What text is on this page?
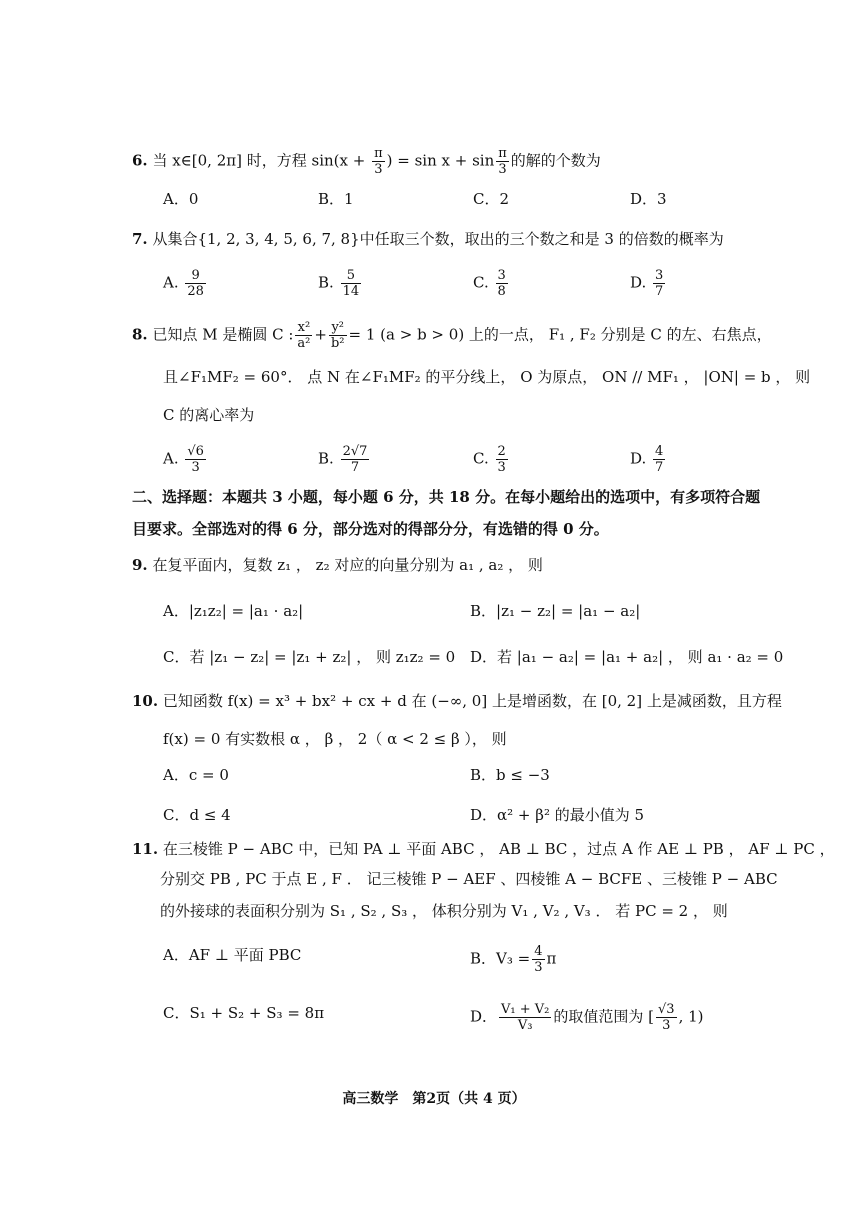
6. 当 x∈[0, 2π] 时，方程 $\sin(x + \frac{\pi}{3}$ ) = $\sin x + \sin \frac{\pi}{3}$ 的解的个数为
A．0	B．1	C．2	D．3
7. 从集合{1, 2, 3, 4, 5, 6, 7, 8}中任取三个数，取出的三个数之和是 3 的倍数的概率为
A. $\frac{9}{28}$	B. $\frac{5}{14}$	C. $\frac{3}{8}$	D. $\frac{3}{7}$
8. 已知点 M 是椭圆 C : $\frac{\text{x²}}{\text{a²}} + \frac{\text{y²}}{\text{b²}} = 1$ (a > b > 0) 上的一点， F₁ , F₂ 分别是 C 的左、右焦点，
且∠F₁MF₂ = 60°． 点 N 在∠F₁MF₂ 的平分线上， O 为原点， ON // MF₁ ， |ON| = b ， 则
C 的离心率为
A. $\frac{√6}{3}$	B. $\frac{2√7}{7}$	C. $\frac{2}{3}$	D. $\frac{4}{7}$
二、选择题：本题共 3 小题，每小题 6 分，共 18 分。在每小题给出的选项中，有多项符合题
目要求。全部选对的得 6 分，部分选对的得部分分，有选错的得 0 分。
9. 在复平面内，复数 z₁ ， z₂ 对应的向量分别为 a₁ , a₂ ， 则
A．|z₁z₂| = |a₁ · a₂|	B．|z₁ − z₂| = |a₁ − a₂|
C．若 |z₁ − z₂| = |z₁ + z₂| ， 则 z₁z₂ = 0 D．若 |a₁ − a₂| = |a₁ + a₂| ， 则 a₁ · a₂ = 0
10. 已知函数 f(x) = x³ + bx² + cx + d 在 (−∞, 0] 上是增函数，在 [0, 2] 上是减函数，且方程
f(x) = 0 有实数根 α ， β ， 2（ α < 2 ≤ β ）， 则
A．c = 0	B．b ≤ −3
C．d ≤ 4	D．α² + β² 的最小值为 5
11. 在三棱锥 P − ABC 中，已知 PA ⊥ 平面 ABC ， AB ⊥ BC ，过点 A 作 AE ⊥ PB ， AF ⊥ PC ，
分别交 PB , PC 于点 E , F ． 记三棱锥 P − AEF 、四棱锥 A − BCFE 、三棱锥 P − ABC
的外接球的表面积分别为 S₁ , S₂ , S₃ ， 体积分别为 V₁ , V₂ , V₃ ． 若 PC = 2 ， 则
A．AF ⊥ 平面 PBC	B．$V_3 = \frac{4}{3}$ π
C．S₁ + S₂ + S₃ = 8π	D． $\frac{\text{V₁ + V₂}}{\text{V₃}}$ 的取值范围为 [ $\frac{√3}{3}$ , 1)
高三数学　第2页（共 4 页）
